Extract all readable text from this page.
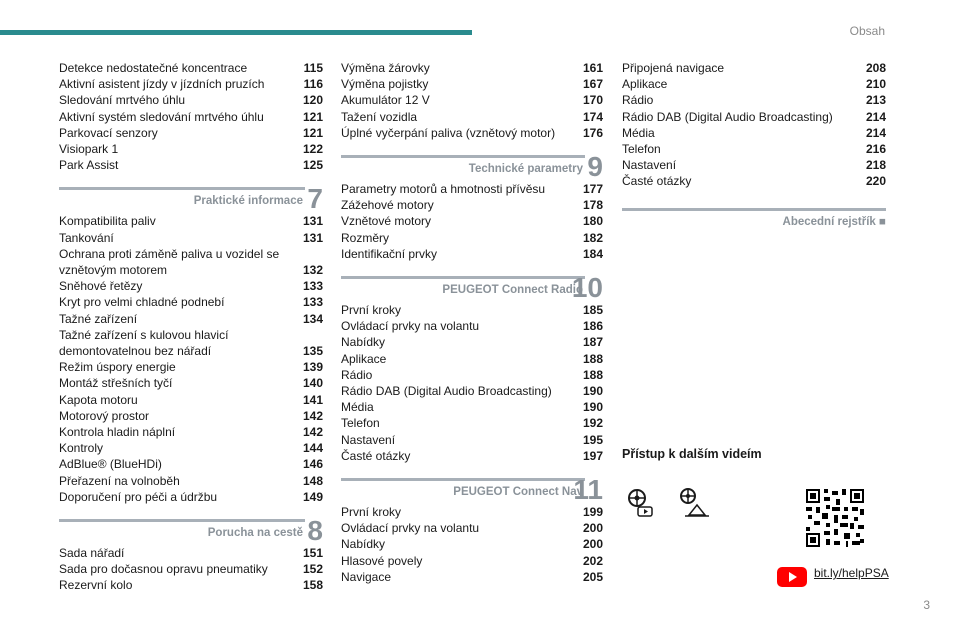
Obsah
Detekce nedostatečné koncentrace	115
Aktivní asistent jízdy v jízdních pruzích	116
Sledování mrtvého úhlu	120
Aktivní systém sledování mrtvého úhlu	121
Parkovací senzory	121
Visiopark 1	122
Park Assist	125
Praktické informace 7
Kompatibilita paliv	131
Tankování	131
Ochrana proti záměně paliva u vozidel se vznětovým motorem	132
Sněhové řetězy	133
Kryt pro velmi chladné podnebí	133
Tažné zařízení	134
Tažné zařízení s kulovou hlavicí demontovatelnou bez nářadí	135
Režim úspory energie	139
Montáž střešních tyčí	140
Kapota motoru	141
Motorový prostor	142
Kontrola hladin náplní	142
Kontroly	144
AdBlue® (BlueHDi)	146
Přeřazení na volnoběh	148
Doporučení pro péči a údržbu	149
Porucha na cestě 8
Sada nářadí	151
Sada pro dočasnou opravu pneumatiky	152
Rezervní kolo	158
Výměna žárovky	161
Výměna pojistky	167
Akumulátor 12 V	170
Tažení vozidla	174
Úplné vyčerpání paliva (vznětový motor)	176
Technické parametry 9
Parametry motorů a hmotnosti přívěsu	177
Zážehové motory	178
Vznětové motory	180
Rozměry	182
Identifikační prvky	184
PEUGEOT Connect Radio
10
První kroky	185
Ovládací prvky na volantu	186
Nabídky	187
Aplikace	188
Rádio	188
Rádio DAB (Digital Audio Broadcasting)	190
Média	190
Telefon	192
Nastavení	195
Časté otázky	197
PEUGEOT Connect Nav
11
První kroky	199
Ovládací prvky na volantu	200
Nabídky	200
Hlasové povely	202
Navigace	205
Připojená navigace	208
Aplikace	210
Rádio	213
Rádio DAB (Digital Audio Broadcasting)	214
Média	214
Telefon	216
Nastavení	218
Časté otázky	220
Abecední rejstřík ■
Přístup k dalším videím
bit.ly/helpPSA
3
